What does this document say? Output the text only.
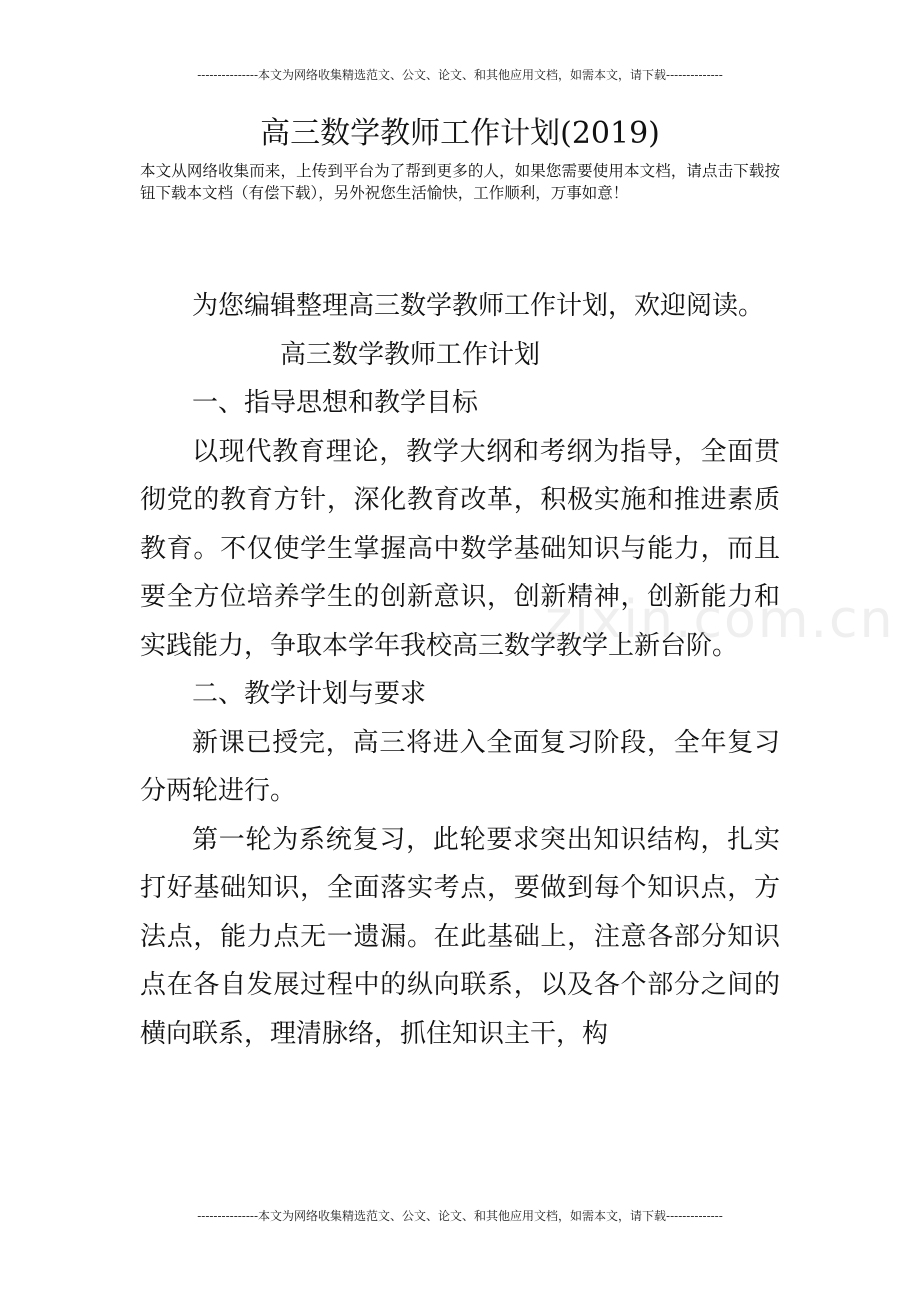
---------------本文为网络收集精选范文、公文、论文、和其他应用文档，如需本文，请下载--------------
高三数学教师工作计划(2019)

本文从网络收集而来，上传到平台为了帮到更多的人，如果您需要使用本文档，请点击下载按钮下载本文档（有偿下载），另外祝您生活愉快，工作顺利，万事如意！

为您编辑整理高三数学教师工作计划，欢迎阅读。

高三数学教师工作计划

一、指导思想和教学目标

以现代教育理论，教学大纲和考纲为指导，全面贯彻党的教育方针，深化教育改革，积极实施和推进素质教育。不仅使学生掌握高中数学基础知识与能力，而且要全方位培养学生的创新意识，创新精神，创新能力和实践能力，争取本学年我校高三数学教学上新台阶。

二、教学计划与要求

新课已授完，高三将进入全面复习阶段，全年复习分两轮进行。

第一轮为系统复习，此轮要求突出知识结构，扎实打好基础知识，全面落实考点，要做到每个知识点，方法点，能力点无一遗漏。在此基础上，注意各部分知识点在各自发展过程中的纵向联系，以及各个部分之间的横向联系，理清脉络，抓住知识主干，构

zixin.com.cn
---------------本文为网络收集精选范文、公文、论文、和其他应用文档，如需本文，请下载--------------
